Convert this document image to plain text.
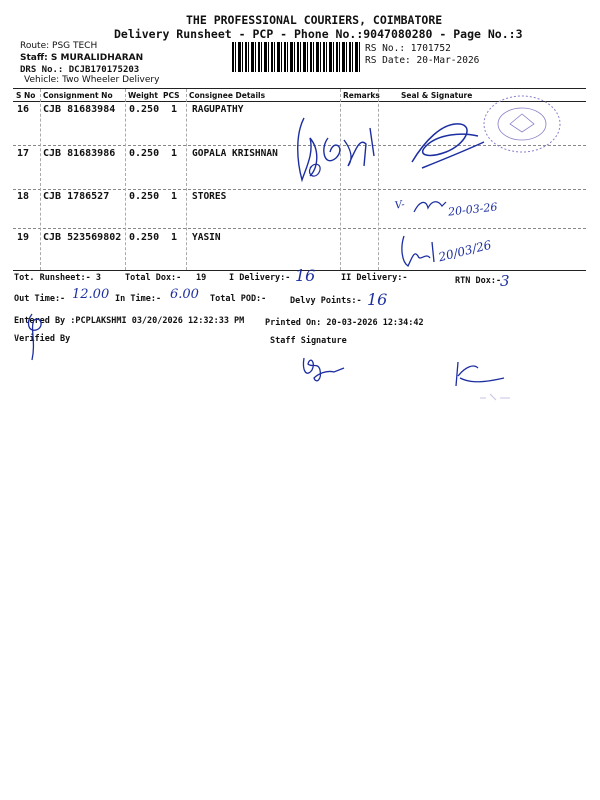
THE PROFESSIONAL COURIERS, COIMBATORE
Delivery Runsheet - PCP - Phone No.:9047080280 - Page No.:3
Route: PSG TECH
Staff: S MURALIDHARAN
DRS No.: DCJB170175203
Vehicle: Two Wheeler Delivery
RS No.: 1701752
RS Date: 20-Mar-2026
S No Consignment No Weight PCS Consignee Details	Remarks	Seal & Signature
16 CJB 81683984 0.250 1 RAGUPATHY
17 CJB 81683986 0.250 1 GOPALA KRISHNAN
18 CJB 1786527 0.250 1 STORES
19 CJB 523569802 0.250 1 YASIN
V-	20-03-26
20/03/26
Tot. Runsheet:- 3	Total Dox:- 19	I Delivery:- 16	II Delivery:-	RTN Dox:-
3
Out Time:- 12.00 In Time:- 6.00 Total POD:-	Delvy Points:- 16
Entered By :PCPLAKSHMI 03/20/2026 12:32:33 PM Printed On: 20-03-2026 12:34:42
Verified By	Staff Signature
